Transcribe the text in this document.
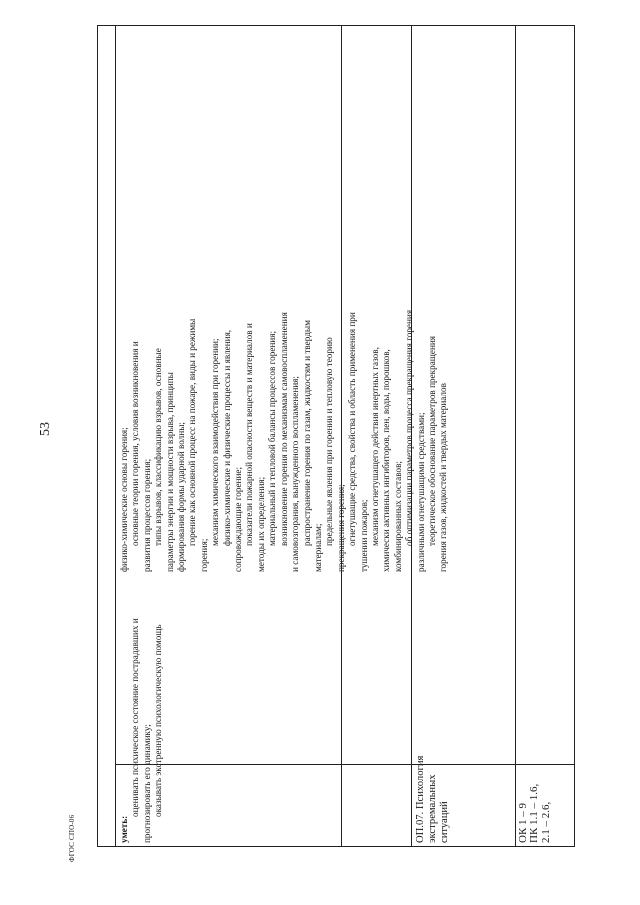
53	физико-химические основы горения; основные теории горения, условия возникновения и развития процессов горения; типы взрывов, классификацию взрывов, основные параметры энергии и мощности взрыва, принципы формирования формы ударной волны; горение как основной процесс на пожаре, виды и режимы
горения;
механизм химического взаимодействия при горении; физико-химические и физические процессы и явления, сопровождающие горение; показатели пожарной опасности веществ и материалов и методы их определения; материальный и тепловой балансы процессов горения; возникновение горения по механизмам самовоспламенения и самовозгорания, вынужденного воспламенения; распространение горения по газам, жидкостям и твердым
материалам;
предельные явления при горении и тепловую теорию прекращения горения; огнетушащие средства, свойства и область применения при тушении пожаров; механизм огнетушащего действия инертных газов, химически активных ингибиторов, пен, воды, порошков, комбинированных составов; об оптимизации параметров процесса прекращения горения различными огнетушащими средствами; теоретическое обоснование параметров прекращения горения газов, жидкостей и твердых материалов
уметь:
оценивать психическое состояние пострадавших и прогнозировать его динамику; оказывать экстренную психологическую помощь	ОП.07. Психология экстремальных ситуаций	ОК 1 – 9 ПК 1.1 – 1.6, 2.1 – 2.6,
ФГОС СПО-06
